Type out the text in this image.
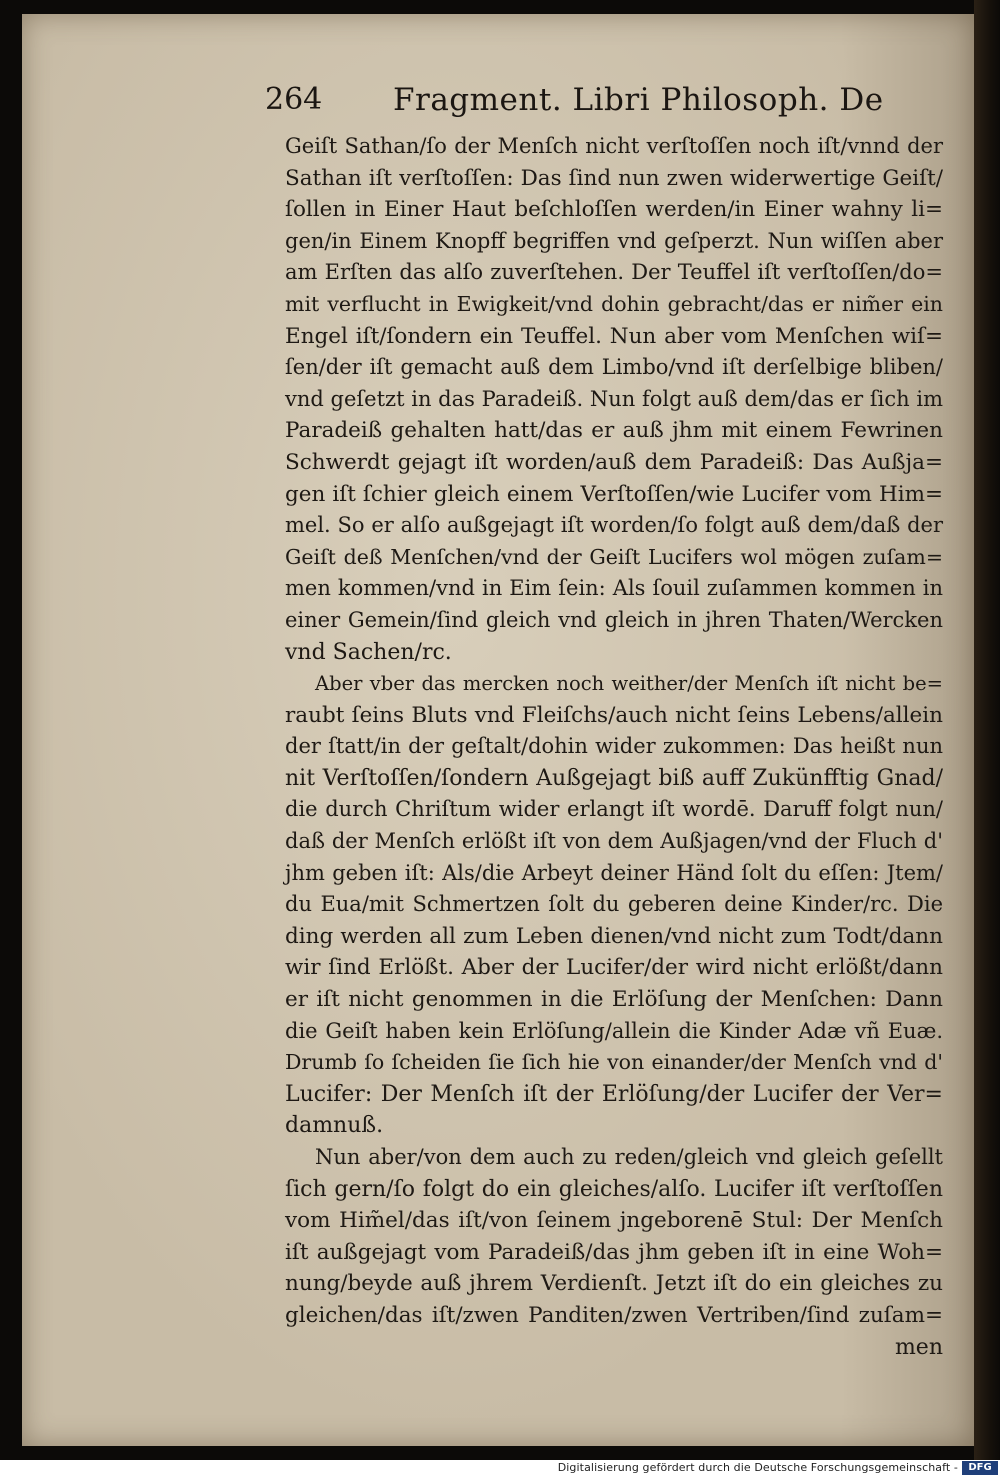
264 Fragment. Libri Philosoph. De
Geiſt Sathan/ſo der Menſch nicht verſtoſſen noch iſt/vnnd der
Sathan iſt verſtoſſen: Das ſind nun zwen widerwertige Geiſt/
ſollen in Einer Haut beſchloſſen werden/in Einer wahny li=
gen/in Einem Knopff begriffen vnd geſperzt. Nun wiſſen aber
am Erſten das alſo zuverſtehen. Der Teuffel iſt verſtoſſen/do=
mit verflucht in Ewigkeit/vnd dohin gebracht/das er nim̃er ein
Engel iſt/ſondern ein Teuffel. Nun aber vom Menſchen wiſ=
ſen/der iſt gemacht auß dem Limbo/vnd iſt derſelbige bliben/
vnd geſetzt in das Paradeiß. Nun folgt auß dem/das er ſich im
Paradeiß gehalten hatt/das er auß jhm mit einem Fewrinen
Schwerdt gejagt iſt worden/auß dem Paradeiß: Das Außja=
gen iſt ſchier gleich einem Verſtoſſen/wie Lucifer vom Him=
mel. So er alſo außgejagt iſt worden/ſo folgt auß dem/daß der
Geiſt deß Menſchen/vnd der Geiſt Lucifers wol mögen zuſam=
men kommen/vnd in Eim ſein: Als ſouil zuſammen kommen in
einer Gemein/ſind gleich vnd gleich in jhren Thaten/Wercken
vnd Sachen/rc.
Aber vber das mercken noch weither/der Menſch iſt nicht be=
raubt ſeins Bluts vnd Fleiſchs/auch nicht ſeins Lebens/allein
der ſtatt/in der geſtalt/dohin wider zukommen: Das heißt nun
nit Verſtoſſen/ſondern Außgejagt biß auff Zukünfftig Gnad/
die durch Chriſtum wider erlangt iſt wordē. Daruff folgt nun/
daß der Menſch erlößt iſt von dem Außjagen/vnd der Fluch d'
jhm geben iſt: Als/die Arbeyt deiner Händ ſolt du eſſen: Jtem/
du Eua/mit Schmertzen ſolt du geberen deine Kinder/rc. Die
ding werden all zum Leben dienen/vnd nicht zum Todt/dann
wir ſind Erlößt. Aber der Lucifer/der wird nicht erlößt/dann
er iſt nicht genommen in die Erlöſung der Menſchen: Dann
die Geiſt haben kein Erlöſung/allein die Kinder Adæ vñ Euæ.
Drumb ſo ſcheiden ſie ſich hie von einander/der Menſch vnd d'
Lucifer: Der Menſch iſt der Erlöſung/der Lucifer der Ver=
damnuß.
Nun aber/von dem auch zu reden/gleich vnd gleich geſellt
ſich gern/ſo folgt do ein gleiches/alſo. Lucifer iſt verſtoſſen
vom Him̃el/das iſt/von ſeinem jngeborenē Stul: Der Menſch
iſt außgejagt vom Paradeiß/das jhm geben iſt in eine Woh=
nung/beyde auß jhrem Verdienſt. Jetzt iſt do ein gleiches zu
gleichen/das iſt/zwen Panditen/zwen Vertriben/ſind zuſam=
men
Digitalisierung gefördert durch die Deutsche Forschungsgemeinschaft -	DFG
